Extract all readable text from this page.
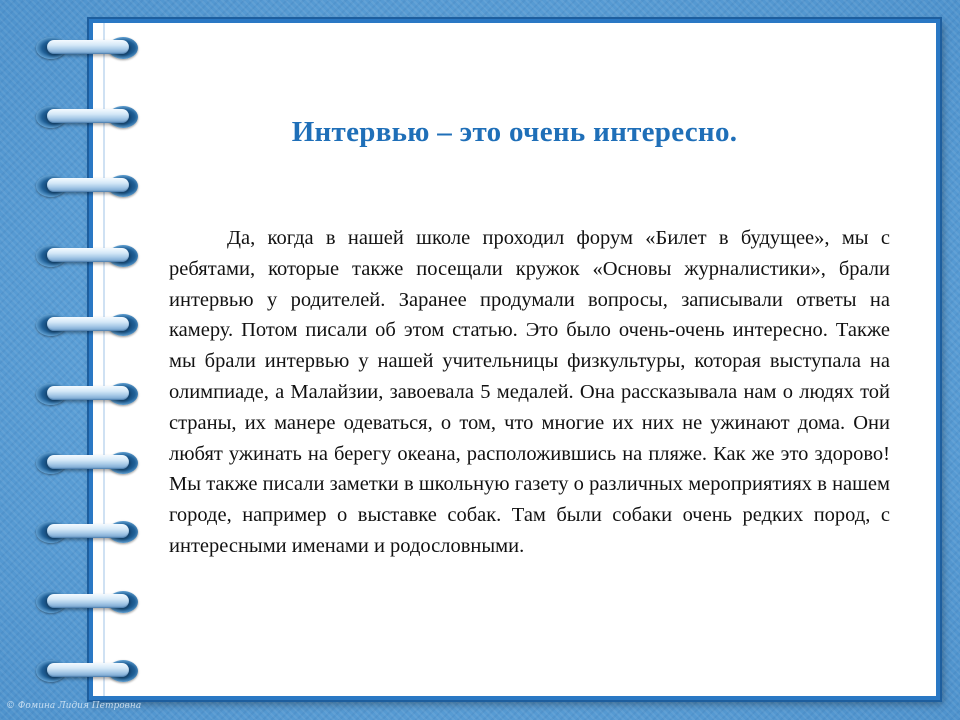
Интервью – это очень интересно.

Да, когда в нашей школе проходил форум «Билет в будущее», мы с ребятами, которые также посещали кружок «Основы журналистики», брали интервью у родителей. Заранее продумали вопросы, записывали ответы на камеру. Потом писали об этом статью. Это было очень-очень интересно. Также мы брали интервью у нашей учительницы физкультуры, которая выступала на олимпиаде, а Малайзии, завоевала 5 медалей. Она рассказывала нам о людях той страны, их манере одеваться, о том, что многие их них не ужинают дома. Они любят ужинать на берегу океана, расположившись на пляже. Как же это здорово! Мы также писали заметки в школьную газету о различных мероприятиях в нашем городе, например о выставке собак. Там были собаки очень редких пород, с интересными именами и родословными.

© Фомина Лидия Петровна
